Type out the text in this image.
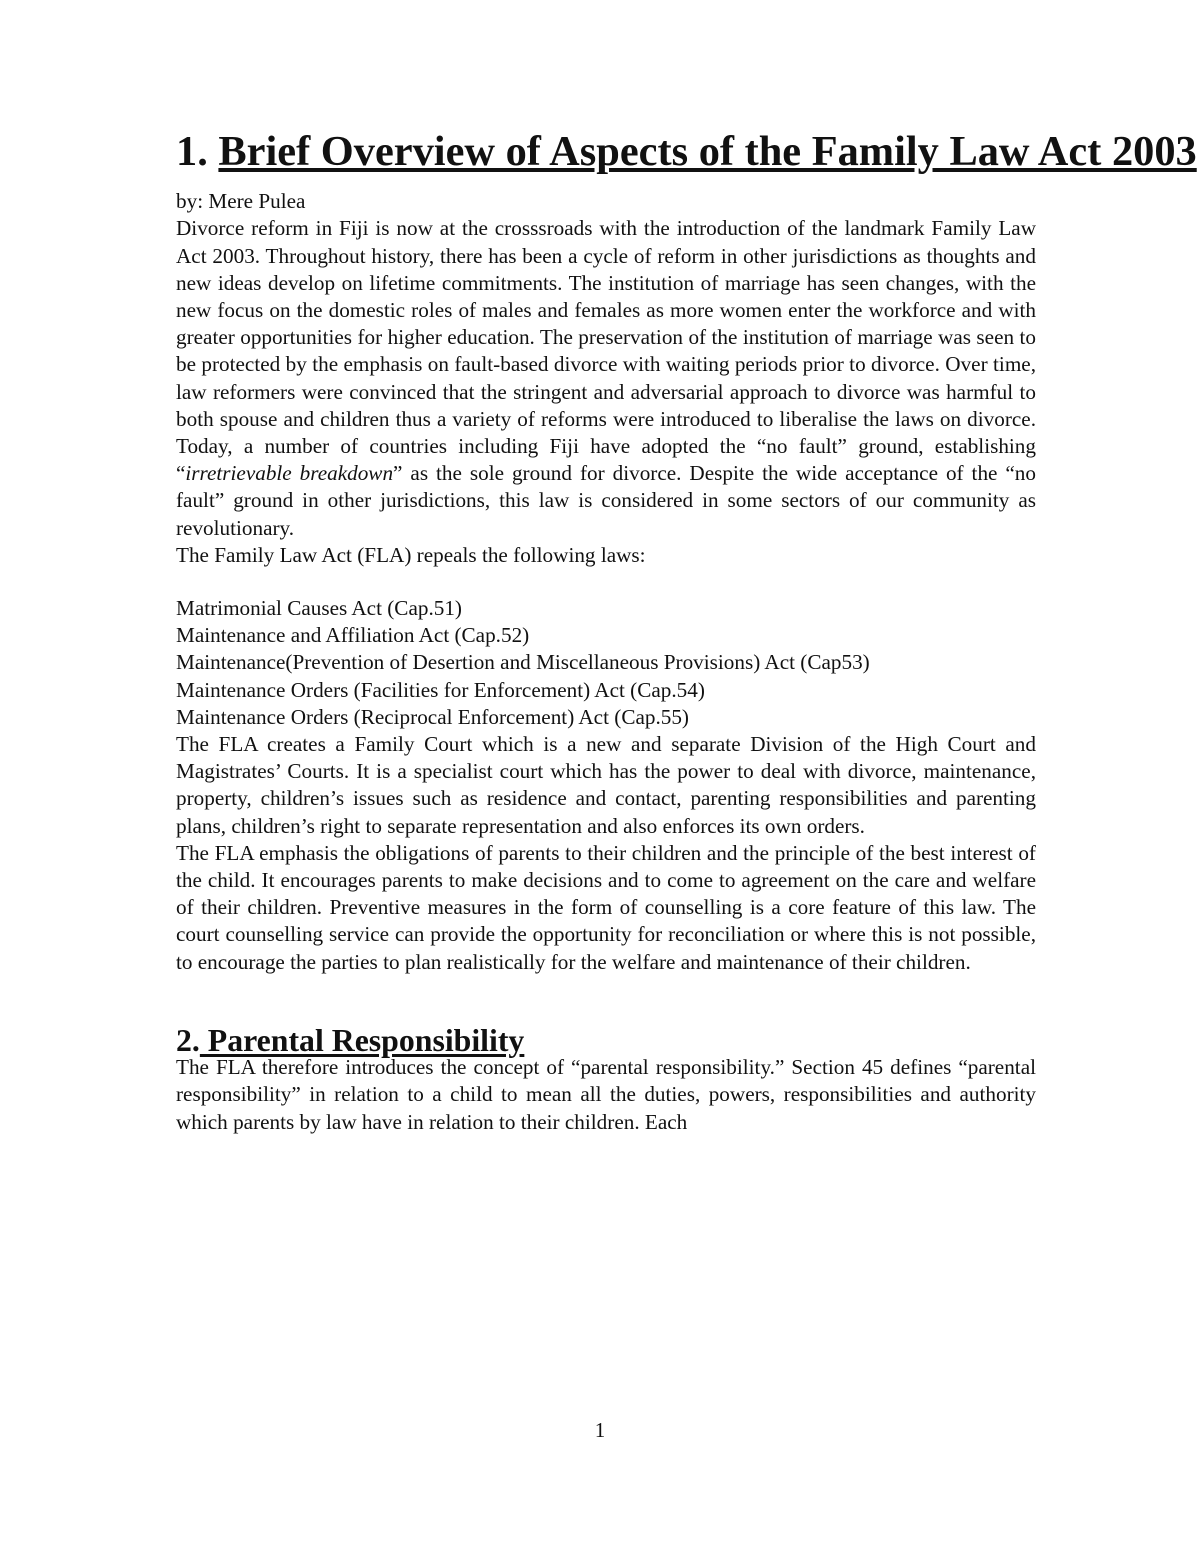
1. Brief Overview of Aspects of the Family Law Act 2003

by: Mere Pulea

Divorce reform in Fiji is now at the crosssroads with the introduction of the landmark Family Law Act 2003. Throughout history, there has been a cycle of reform in other jurisdictions as thoughts and new ideas develop on lifetime commitments. The institution of marriage has seen changes, with the new focus on the domestic roles of males and females as more women enter the workforce and with greater opportunities for higher education. The preservation of the institution of marriage was seen to be protected by the emphasis on fault-based divorce with waiting periods prior to divorce. Over time, law reformers were convinced that the stringent and adversarial approach to divorce was harmful to both spouse and children thus a variety of reforms were introduced to liberalise the laws on divorce. Today, a number of countries including Fiji have adopted the “no fault” ground, establishing “irretrievable breakdown” as the sole ground for divorce. Despite the wide acceptance of the “no fault” ground in other jurisdictions, this law is considered in some sectors of our community as revolutionary.

The Family Law Act (FLA) repeals the following laws:

Matrimonial Causes Act (Cap.51)
Maintenance and Affiliation Act (Cap.52)
Maintenance(Prevention of Desertion and Miscellaneous Provisions) Act (Cap53)
Maintenance Orders (Facilities for Enforcement) Act (Cap.54)
Maintenance Orders (Reciprocal Enforcement) Act (Cap.55)

The FLA creates a Family Court which is a new and separate Division of the High Court and Magistrates’ Courts. It is a specialist court which has the power to deal with divorce, maintenance, property, children’s issues such as residence and contact, parenting responsibilities and parenting plans, children’s right to separate representation and also enforces its own orders.

The FLA emphasis the obligations of parents to their children and the principle of the best interest of the child. It encourages parents to make decisions and to come to agreement on the care and welfare of their children. Preventive measures in the form of counselling is a core feature of this law. The court counselling service can provide the opportunity for reconciliation or where this is not possible, to encourage the parties to plan realistically for the welfare and maintenance of their children.

2. Parental Responsibility

The FLA therefore introduces the concept of “parental responsibility.” Section 45 defines “parental responsibility” in relation to a child to mean all the duties, powers, responsibilities and authority which parents by law have in relation to their children. Each

1
